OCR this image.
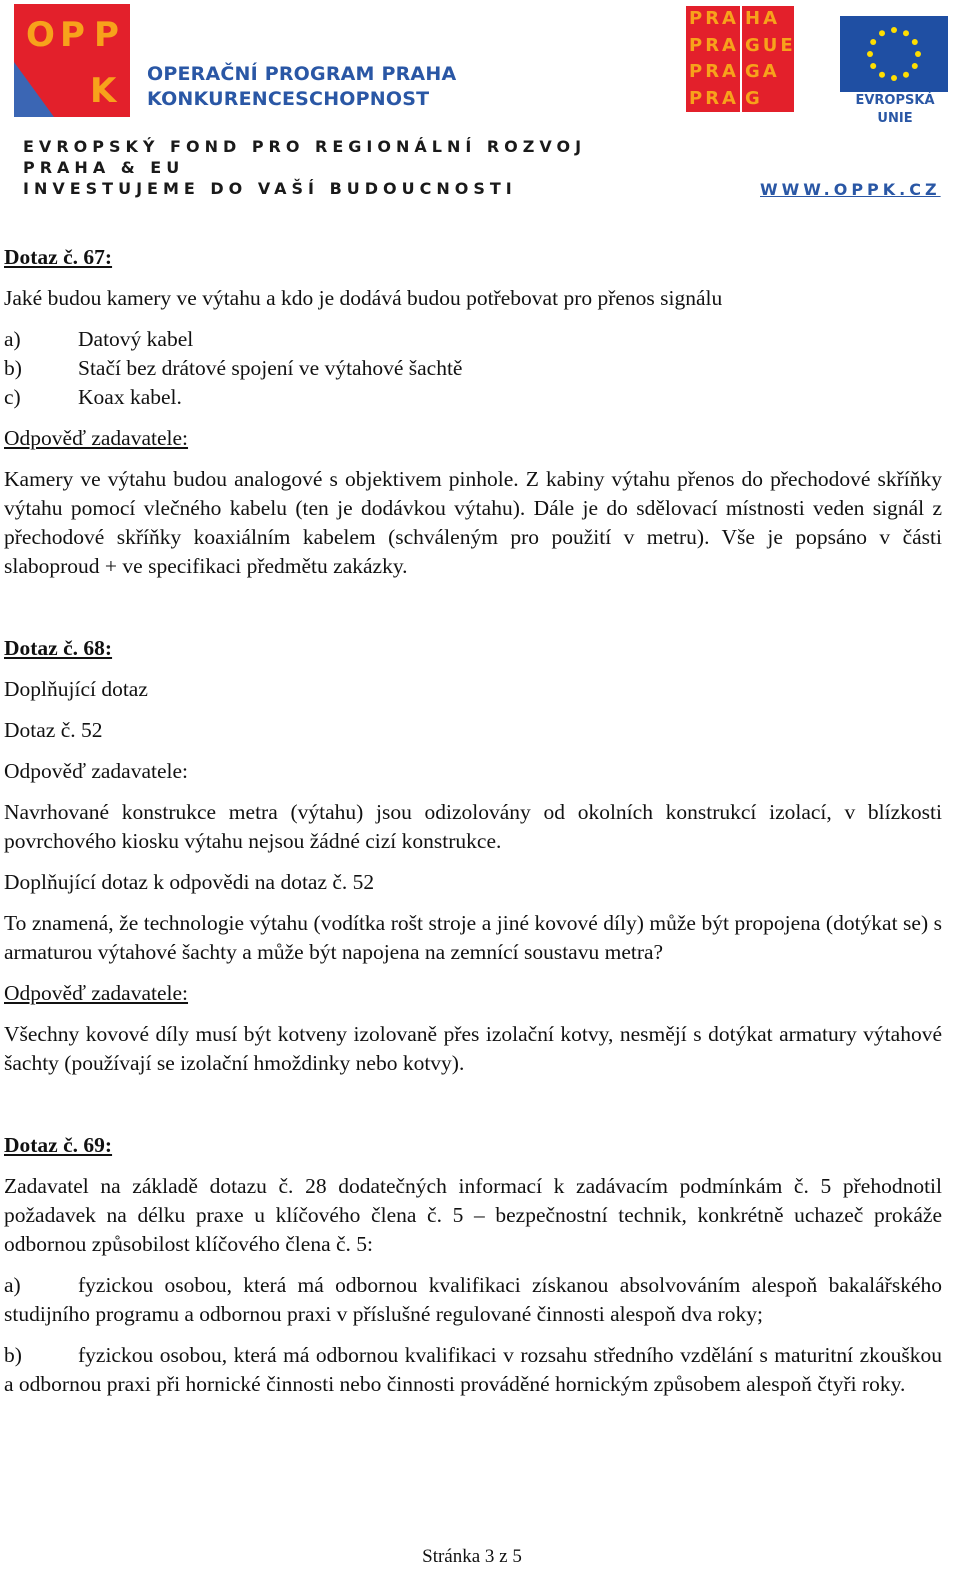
O P P
K OPERAČNÍ PROGRAM PRAHA
KONKURENCESCHOPNOST
PRA HA
PRA GUE
PRA GA
PRA G	EVROPSKÁ UNIE
EVROPSKÝ FOND PRO REGIONÁLNÍ ROZVOJ
PRAHA & EU
INVESTUJEME DO VAŠÍ BUDOUCNOSTI	WWW.OPPK.CZ

Dotaz č. 67:

Jaké budou kamery ve výtahu a kdo je dodává budou potřebovat pro přenos signálu

a)	Datový kabel
b)	Stačí bez drátové spojení ve výtahové šachtě
c)	Koax kabel.

Odpověď zadavatele:

Kamery ve výtahu budou analogové s objektivem pinhole. Z kabiny výtahu přenos do přechodové skříňky výtahu pomocí vlečného kabelu (ten je dodávkou výtahu). Dále je do sdělovací místnosti veden signál z přechodové skříňky koaxiálním kabelem (schváleným pro použití v metru). Vše je popsáno v části slaboproud + ve specifikaci předmětu zakázky.

Dotaz č. 68:

Doplňující dotaz

Dotaz č. 52

Odpověď zadavatele:

Navrhované konstrukce metra (výtahu) jsou odizolovány od okolních konstrukcí izolací, v blízkosti povrchového kiosku výtahu nejsou žádné cizí konstrukce.

Doplňující dotaz k odpovědi na dotaz č. 52

To znamená, že technologie výtahu (vodítka rošt stroje a jiné kovové díly) může být propojena (dotýkat se) s armaturou výtahové šachty a může být napojena na zemnící soustavu metra?

Odpověď zadavatele:

Všechny kovové díly musí být kotveny izolovaně přes izolační kotvy, nesmějí s dotýkat armatury výtahové šachty (používají se izolační hmoždinky nebo kotvy).

Dotaz č. 69:

Zadavatel na základě dotazu č. 28 dodatečných informací k zadávacím podmínkám č. 5 přehodnotil požadavek na délku praxe u klíčového člena č. 5 – bezpečnostní technik, konkrétně uchazeč prokáže odbornou způsobilost klíčového člena č. 5:

a)	fyzickou osobou, která má odbornou kvalifikaci získanou absolvováním alespoň bakalářského studijního programu a odbornou praxi v příslušné regulované činnosti alespoň dva roky;

b)	fyzickou osobou, která má odbornou kvalifikaci v rozsahu středního vzdělání s maturitní zkouškou a odbornou praxi při hornické činnosti nebo činnosti prováděné hornickým způsobem alespoň čtyři roky.

Stránka 3 z 5
